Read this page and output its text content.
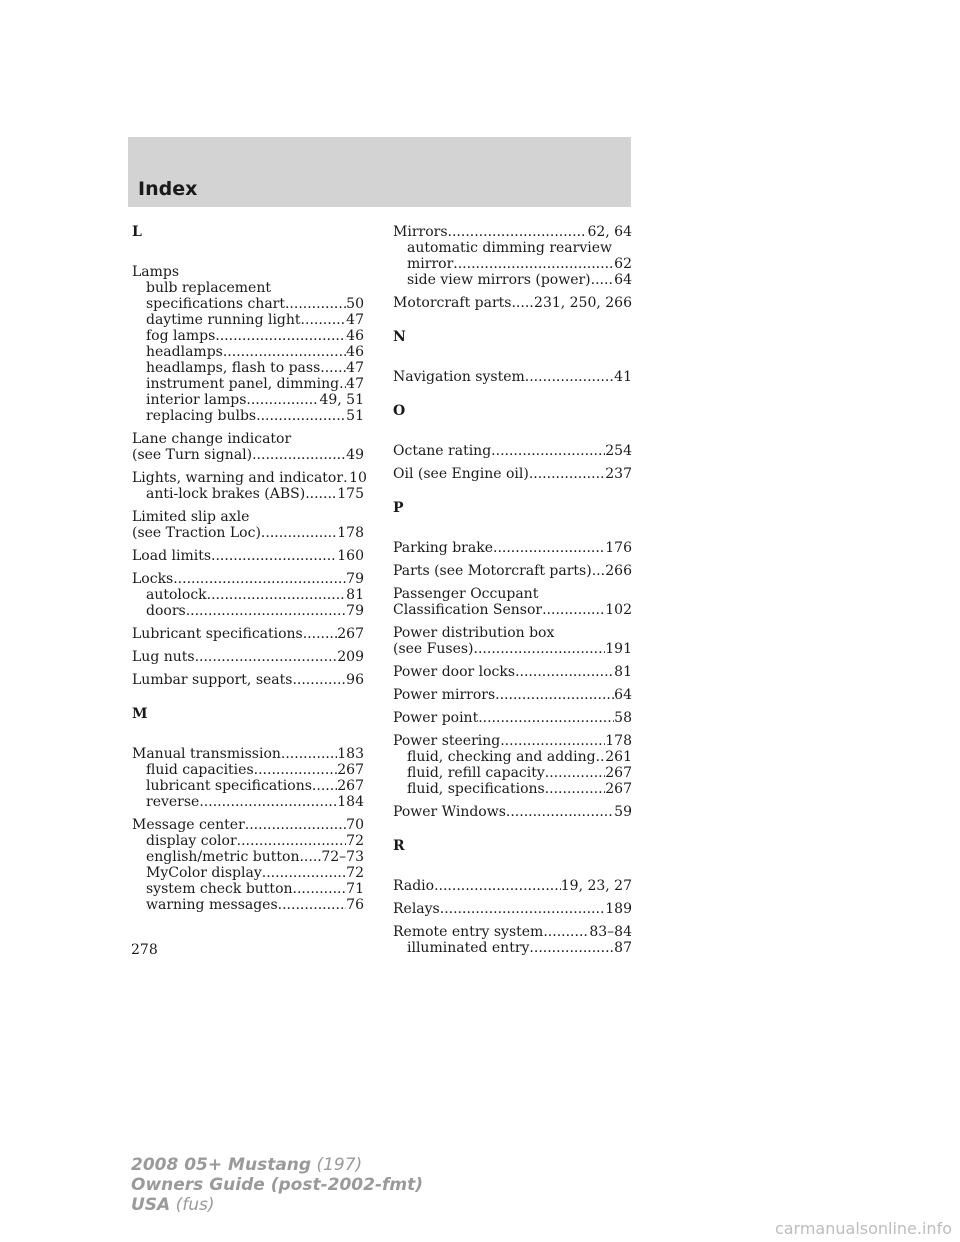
Index
L
Lamps
bulb replacement
specifications chart .....	50
daytime running light .....	47
fog lamps .....	46
headlamps .....	46
headlamps, flash to pass ..... 47
instrument panel, dimming ..... 47
interior lamps .....	49, 51
replacing bulbs .....	51
Lane change indicator
(see Turn signal) .....	49
Lights, warning and indicator ..... 10
anti-lock brakes (ABS) ..... 175
Limited slip axle
(see Traction Loc) .....	178
Load limits .....	160
Locks .....	79
autolock .....	81
doors .....	79
Lubricant specifications ..... 267
Lug nuts .....	209
Lumbar support, seats .....	96
M
Manual transmission .....	183
fluid capacities .....	267
lubricant specifications ..... 267
reverse .....	184
Message center .....	70
display color .....	72
english/metric button ..... 72–73
MyColor display .....	72
system check button .....	71
warning messages .....	76
Mirrors .....	62, 64
automatic dimming rearview
mirror .....	62
side view mirrors (power) ..... 64
Motorcraft parts ..... 231, 250, 266
N
Navigation system .....	41
O
Octane rating .....	254
Oil (see Engine oil) .....	237
P
Parking brake .....	176
Parts (see Motorcraft parts) ..... 266
Passenger Occupant
Classification Sensor .....	102
Power distribution box
(see Fuses) .....	191
Power door locks .....	81
Power mirrors .....	64
Power point .....	58
Power steering .....	178
fluid, checking and adding ..... 261
fluid, refill capacity .....	267
fluid, specifications .....	267
Power Windows .....	59
R
Radio .....	19, 23, 27
Relays .....	189
Remote entry system .....	83–84
illuminated entry .....	87
278
2008 05+ Mustang (197)
Owners Guide (post-2002-fmt)
USA (fus)
carmanualsonline.info
